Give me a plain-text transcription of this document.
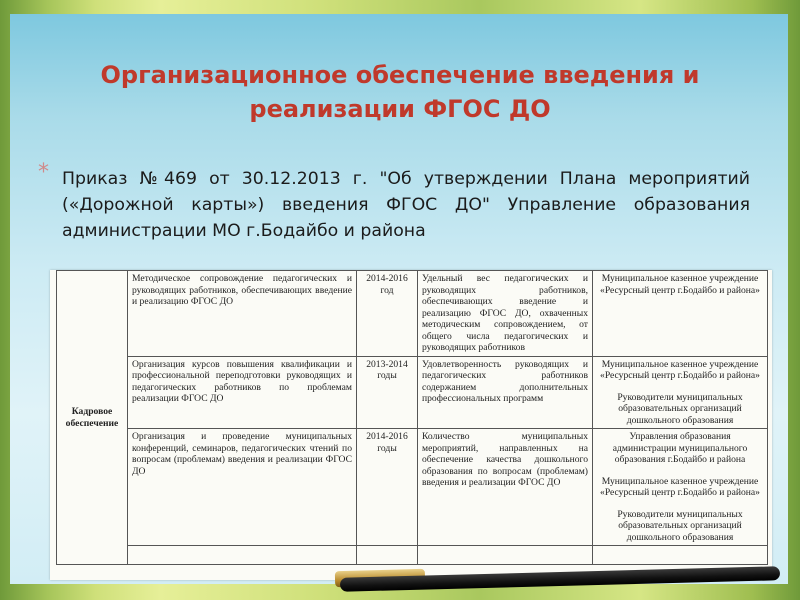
Организационное обеспечение введения и реализации ФГОС ДО
* Приказ №469 от 30.12.2013 г. "Об утверждении Плана мероприятий («Дорожной карты») введения ФГОС ДО" Управление образования администрации МО г.Бодайбо и района
Кадровое обеспечение	Методическое сопровождение педагогических и руководящих работников, обеспечивающих введение и реализацию ФГОС ДО	2014-2016 год	Удельный вес педагогических и руководящих работников, обеспечивающих введение и реализацию ФГОС ДО, охваченных методическим сопровождением, от общего числа педагогических и руководящих работников	Муниципальное казенное учреждение «Ресурсный центр г.Бодайбо и района»

	Организация курсов повышения квалификации и профессиональной переподготовки руководящих и педагогических работников по проблемам реализации ФГОС ДО	2013-2014 годы	Удовлетворенность руководящих и педагогических работников содержанием дополнительных профессиональных программ	Муниципальное казенное учреждение «Ресурсный центр г.Бодайбо и района»
Руководители муниципальных образовательных организаций дошкольного образования

	Организация и проведение муниципальных конференций, семинаров, педагогических чтений по вопросам (проблемам) введения и реализации ФГОС ДО	2014-2016 годы	Количество муниципальных мероприятий, направленных на обеспечение качества дошкольного образования по вопросам (проблемам) введения и реализации ФГОС ДО	Управления образования администрации муниципального образования г.Бодайбо и района
Муниципальное казенное учреждение «Ресурсный центр г.Бодайбо и района»
Руководители муниципальных образовательных организаций дошкольного образования
